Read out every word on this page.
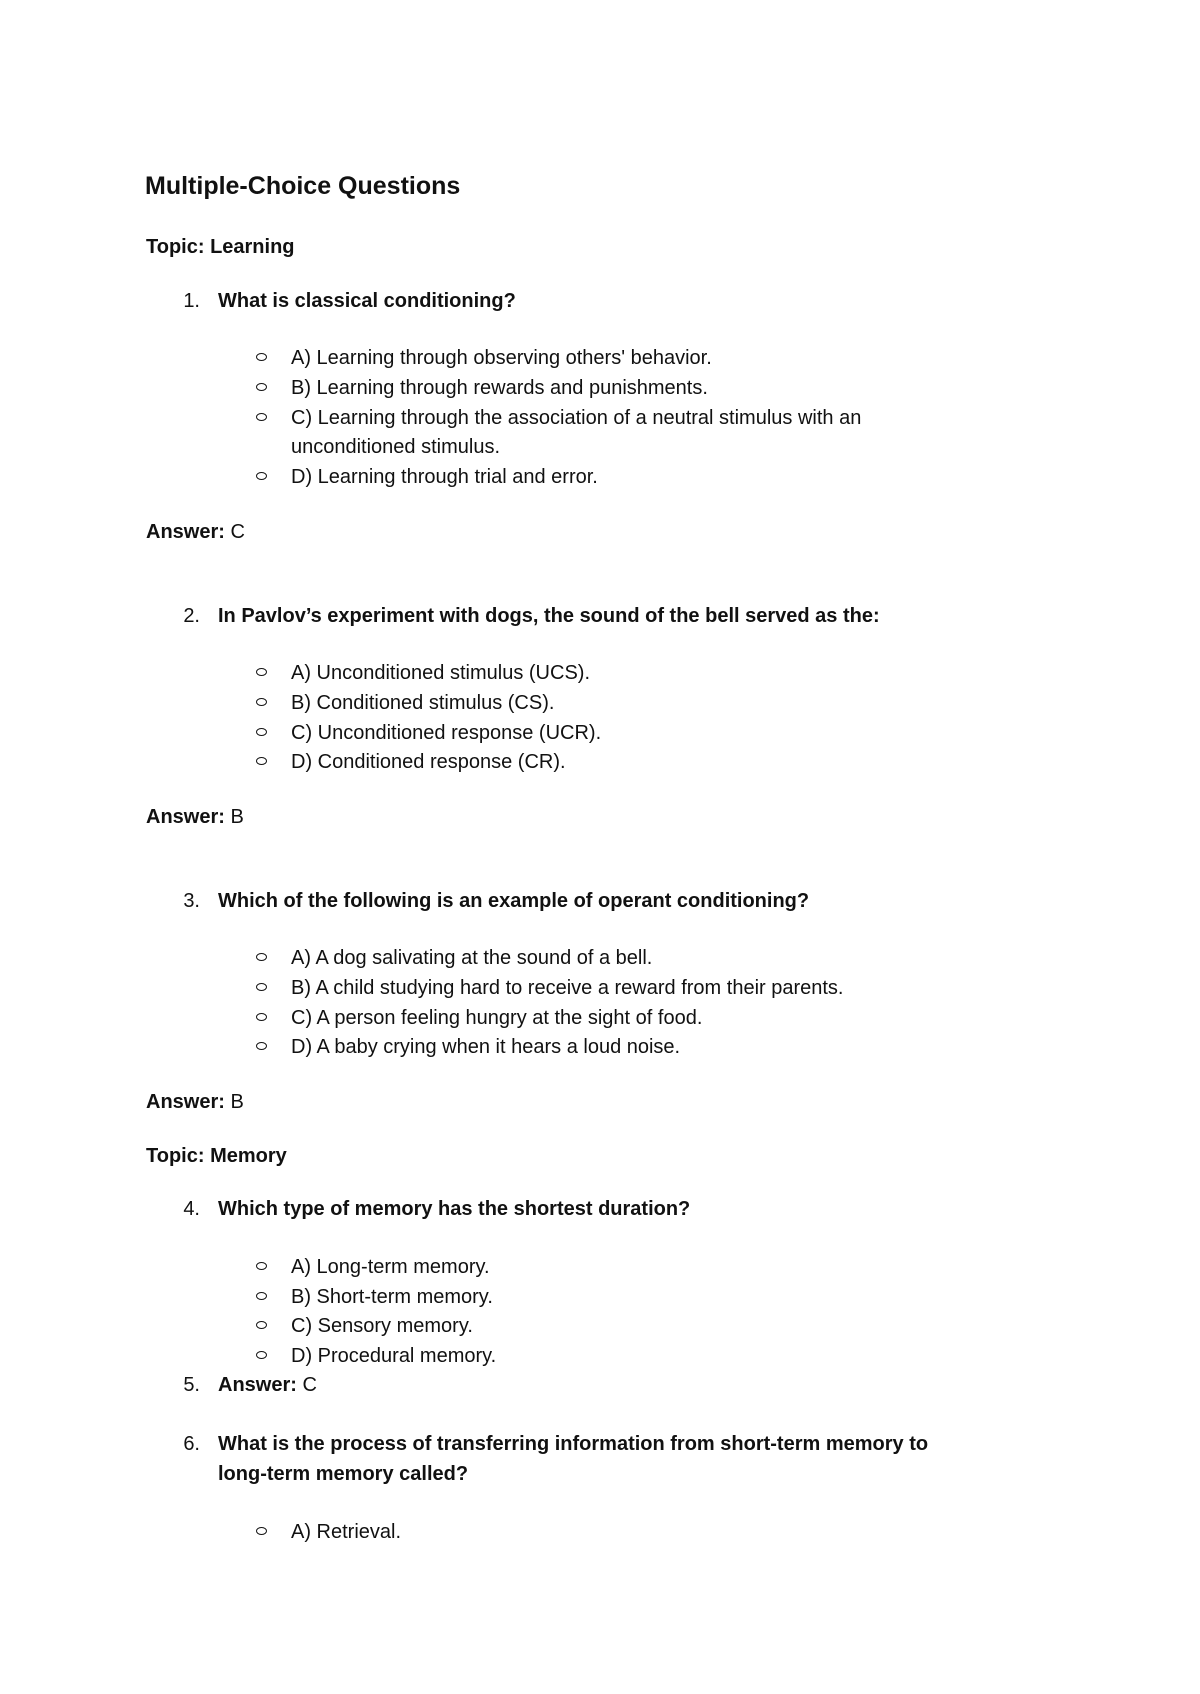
Multiple-Choice Questions
Topic: Learning
1. What is classical conditioning?
A) Learning through observing others' behavior.
B) Learning through rewards and punishments.
C) Learning through the association of a neutral stimulus with an
unconditioned stimulus.
D) Learning through trial and error.
Answer: C
2. In Pavlov’s experiment with dogs, the sound of the bell served as the:
A) Unconditioned stimulus (UCS).
B) Conditioned stimulus (CS).
C) Unconditioned response (UCR).
D) Conditioned response (CR).
Answer: B
3. Which of the following is an example of operant conditioning?
A) A dog salivating at the sound of a bell.
B) A child studying hard to receive a reward from their parents.
C) A person feeling hungry at the sight of food.
D) A baby crying when it hears a loud noise.
Answer: B
Topic: Memory
4. Which type of memory has the shortest duration?
A) Long-term memory.
B) Short-term memory.
C) Sensory memory.
D) Procedural memory.
5. Answer: C
6. What is the process of transferring information from short-term memory to
long-term memory called?
A) Retrieval.
